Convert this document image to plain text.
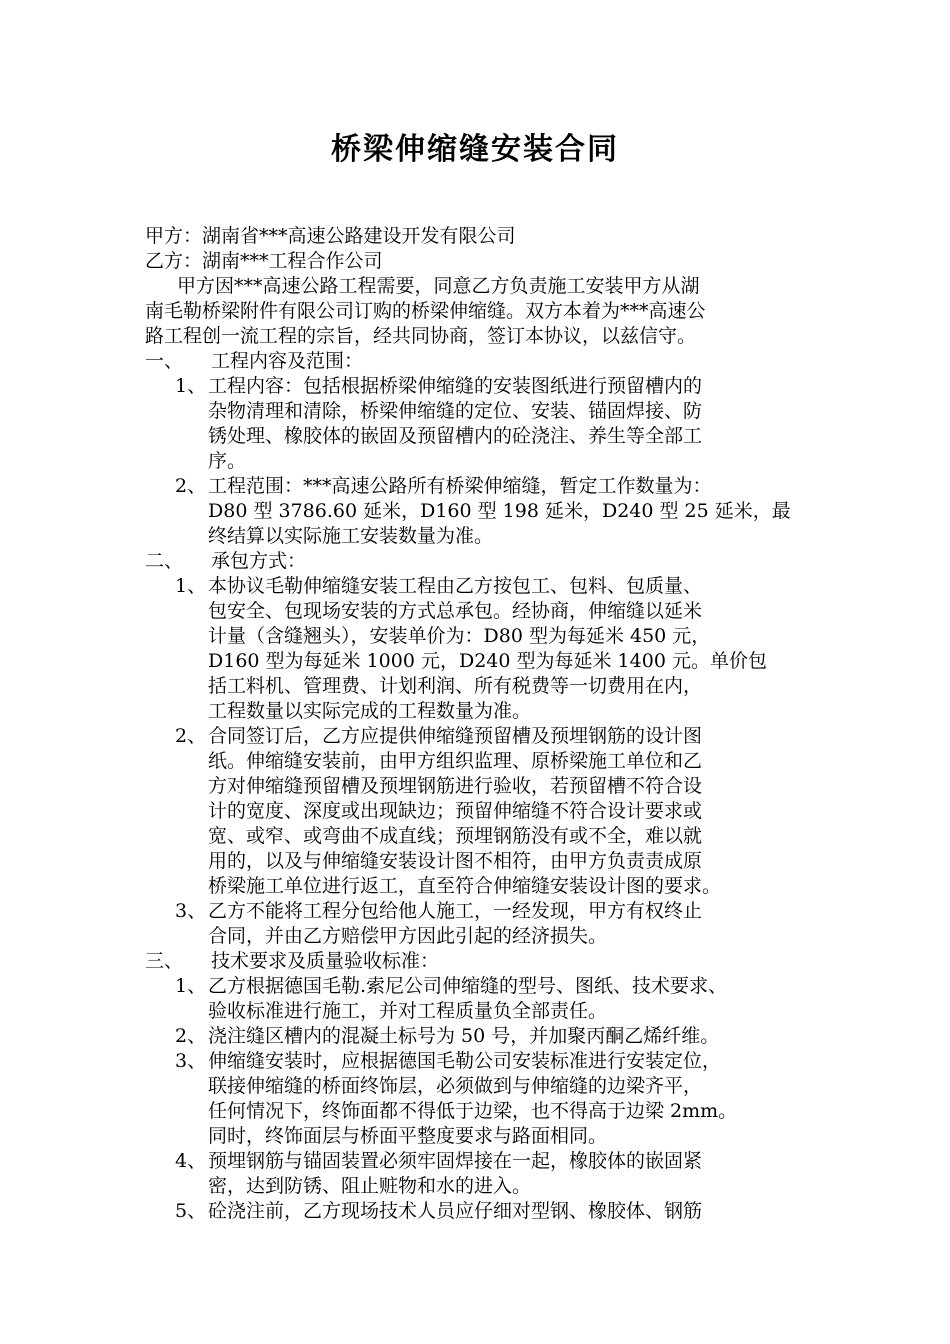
桥梁伸缩缝安装合同
甲方：湖南省***高速公路建设开发有限公司
乙方：湖南***工程合作公司
甲方因***高速公路工程需要，同意乙方负责施工安装甲方从湖
南毛勒桥梁附件有限公司订购的桥梁伸缩缝。双方本着为***高速公
路工程创一流工程的宗旨，经共同协商，签订本协议，以兹信守。
一、	工程内容及范围：
1、 工程内容：包括根据桥梁伸缩缝的安装图纸进行预留槽内的
杂物清理和清除，桥梁伸缩缝的定位、安装、锚固焊接、防
锈处理、橡胶体的嵌固及预留槽内的砼浇注、养生等全部工
序。
2、 工程范围：***高速公路所有桥梁伸缩缝，暂定工作数量为：
D80 型 3786.60 延米，D160 型 198 延米，D240 型 25 延米，最
终结算以实际施工安装数量为准。
二、	承包方式：
1、 本协议毛勒伸缩缝安装工程由乙方按包工、包料、包质量、
包安全、包现场安装的方式总承包。经协商，伸缩缝以延米
计量（含缝翘头），安装单价为：D80 型为每延米 450 元，
D160 型为每延米 1000 元，D240 型为每延米 1400 元。单价包
括工料机、管理费、计划利润、所有税费等一切费用在内，
工程数量以实际完成的工程数量为准。
2、 合同签订后，乙方应提供伸缩缝预留槽及预埋钢筋的设计图
纸。伸缩缝安装前，由甲方组织监理、原桥梁施工单位和乙
方对伸缩缝预留槽及预埋钢筋进行验收，若预留槽不符合设
计的宽度、深度或出现缺边；预留伸缩缝不符合设计要求或
宽、或窄、或弯曲不成直线；预埋钢筋没有或不全，难以就
用的，以及与伸缩缝安装设计图不相符，由甲方负责责成原
桥梁施工单位进行返工，直至符合伸缩缝安装设计图的要求。
3、 乙方不能将工程分包给他人施工，一经发现，甲方有权终止
合同，并由乙方赔偿甲方因此引起的经济损失。
三、	技术要求及质量验收标准：
1、 乙方根据德国毛勒.索尼公司伸缩缝的型号、图纸、技术要求、
验收标准进行施工，并对工程质量负全部责任。
2、 浇注缝区槽内的混凝土标号为 50 号，并加聚丙酮乙烯纤维。
3、 伸缩缝安装时，应根据德国毛勒公司安装标准进行安装定位，
联接伸缩缝的桥面终饰层，必须做到与伸缩缝的边梁齐平，
任何情况下，终饰面都不得低于边梁，也不得高于边梁 2mm。
同时，终饰面层与桥面平整度要求与路面相同。
4、 预埋钢筋与锚固装置必须牢固焊接在一起，橡胶体的嵌固紧
密，达到防锈、阻止赃物和水的进入。
5、 砼浇注前，乙方现场技术人员应仔细对型钢、橡胶体、钢筋
